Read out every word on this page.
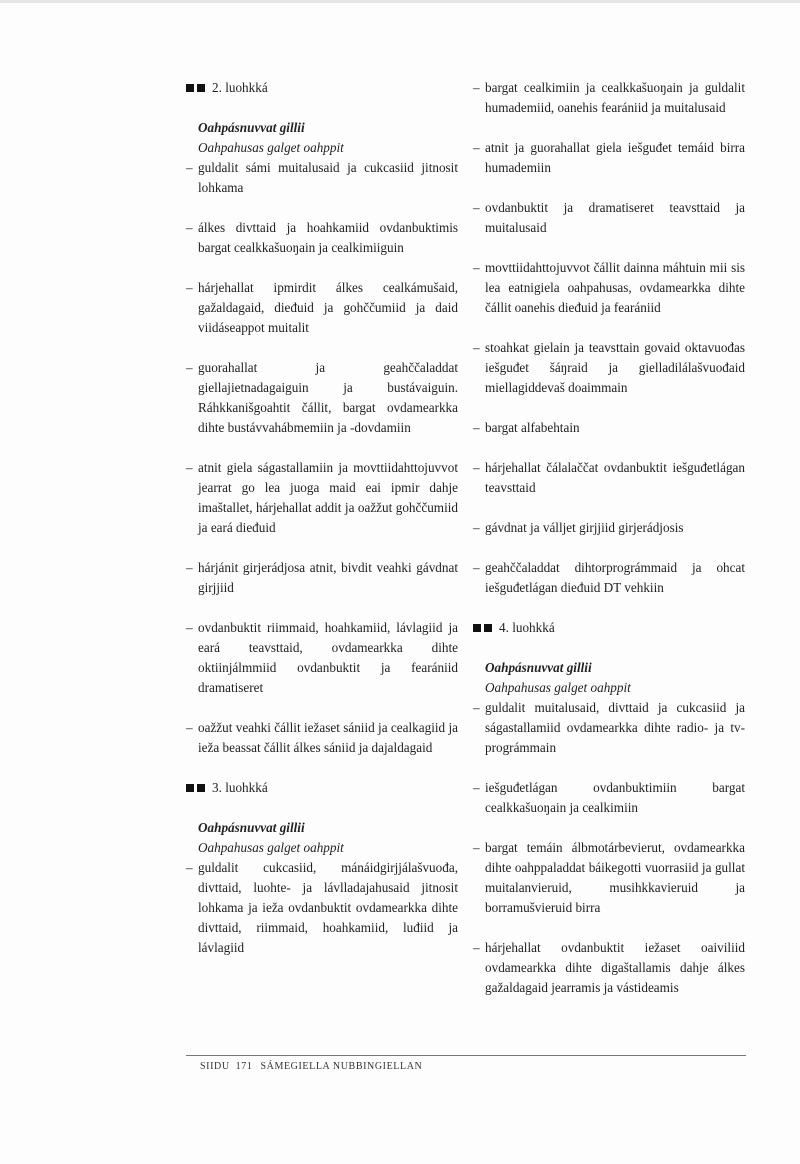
2. luohkká
Oahpásnuvvat gillii
Oahpahusas galget oahppit
– guldalit sámi muitalusaid ja cukcasiid jitnosit lohkama
– álkes divttaid ja hoahkamiid ovdanbuktimis bargat cealkkašuoŋain ja cealkimiiguin
– hárjehallat ipmirdit álkes cealkámušaid, gažaldagaid, dieđuid ja gohččumiid ja daid viidáseappot muitalit
– guorahallat ja geahččaladdat giellajietnadagaiguin ja bustávaiguin. Ráhkkanišgoahtit čállit, bargat ovdamearkka dihte bustávvahábmemiin ja -dovdamiin
– atnit giela ságastallamiin ja movttiidahttojuvvot jearrat go lea juoga maid eai ipmir dahje imaštallet, hárjehallat addit ja oažžut gohččumiid ja eará dieđuid
– hárjánit girjerádjosa atnit, bivdit veahki gávdnat girjjiid
– ovdanbuktit riimmaid, hoahkamiid, lávlagiid ja eará teavsttaid, ovdamearkka dihte oktiinjálmmiid ovdanbuktit ja fearániid dramatiseret
– oažžut veahki čállit iežaset sániid ja cealkagiid ja ieža beassat čállit álkes sániid ja dajaldagaid
3. luohkká
Oahpásnuvvat gillii
Oahpahusas galget oahppit
– guldalit cukcasiid, mánáidgirjjálašvuođa, divttaid, luohte- ja lávlladajahusaid jitnosit lohkama ja ieža ovdanbuktit ovdamearkka dihte divttaid, riimmaid, hoahkamiid, luđiid ja lávlagiid
– bargat cealkimiin ja cealkkašuoŋain ja guldalit humademiid, oanehis fearániid ja muitalusaid
– atnit ja guorahallat giela iešguđet temáid birra humademiin
– ovdanbuktit ja dramatiseret teavsttaid ja muitalusaid
– movttiidahttojuvvot čállit dainna máhtuin mii sis lea eatnigiela oahpahusas, ovdamearkka dihte čállit oanehis dieđuid ja fearániid
– stoahkat gielain ja teavsttain govaid oktavuođas iešguđet šáŋraid ja gielladilálašvuođaid miellagiddevaš doaimmain
– bargat alfabehtain
– hárjehallat čálalaččat ovdanbuktit iešguđetlágan teavsttaid
– gávdnat ja válljet girjjiid girjerádjosis
– geahččaladdat dihtorprográmmaid ja ohcat iešguđetlágan dieđuid DT vehkiin
4. luohkká
Oahpásnuvvat gillii
Oahpahusas galget oahppit
– guldalit muitalusaid, divttaid ja cukcasiid ja ságastallamiid ovdamearkka dihte radio- ja tv-prográmmain
– iešguđetlágan ovdanbuktimiin bargat cealkkašuoŋain ja cealkimiin
– bargat temáin álbmotárbevierut, ovdamearkka dihte oahppaladdat báikegotti vuorrasiid ja gullat muitalanvieruid, musihkkavieruid ja borramušvieruid birra
– hárjehallat ovdanbuktit iežaset oaiviliid ovdamearkka dihte digaštallamis dahje álkes gažaldagaid jearramis ja vástideamis
SIIDU 171 SÁMEGIELLA NUBBINGIELLAN
